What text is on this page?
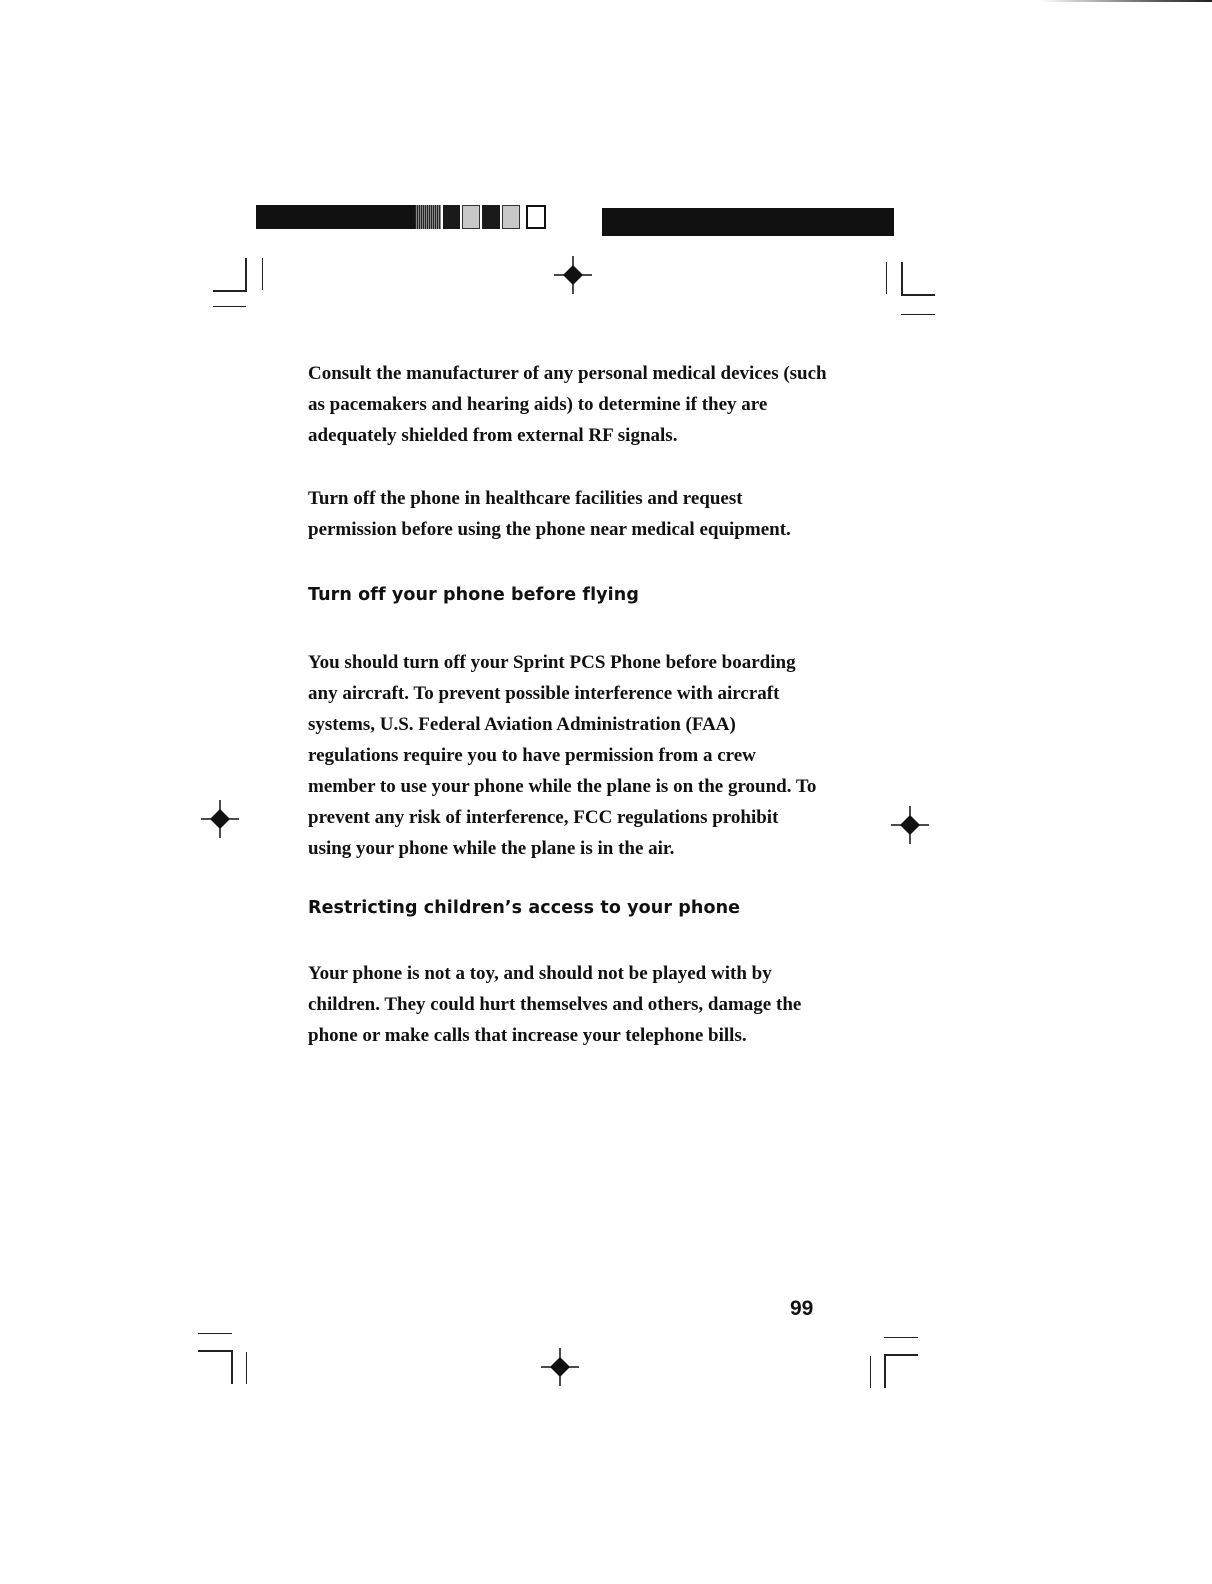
Consult the manufacturer of any personal medical devices (such as pacemakers and hearing aids) to determine if they are adequately shielded from external RF signals.

Turn off the phone in healthcare facilities and request permission before using the phone near medical equipment.

Turn off your phone before flying

You should turn off your Sprint PCS Phone before boarding any aircraft. To prevent possible interference with aircraft systems, U.S. Federal Aviation Administration (FAA) regulations require you to have permission from a crew member to use your phone while the plane is on the ground. To prevent any risk of interference, FCC regulations prohibit using your phone while the plane is in the air.

Restricting children’s access to your phone

Your phone is not a toy, and should not be played with by children. They could hurt themselves and others, damage the phone or make calls that increase your telephone bills.

99
